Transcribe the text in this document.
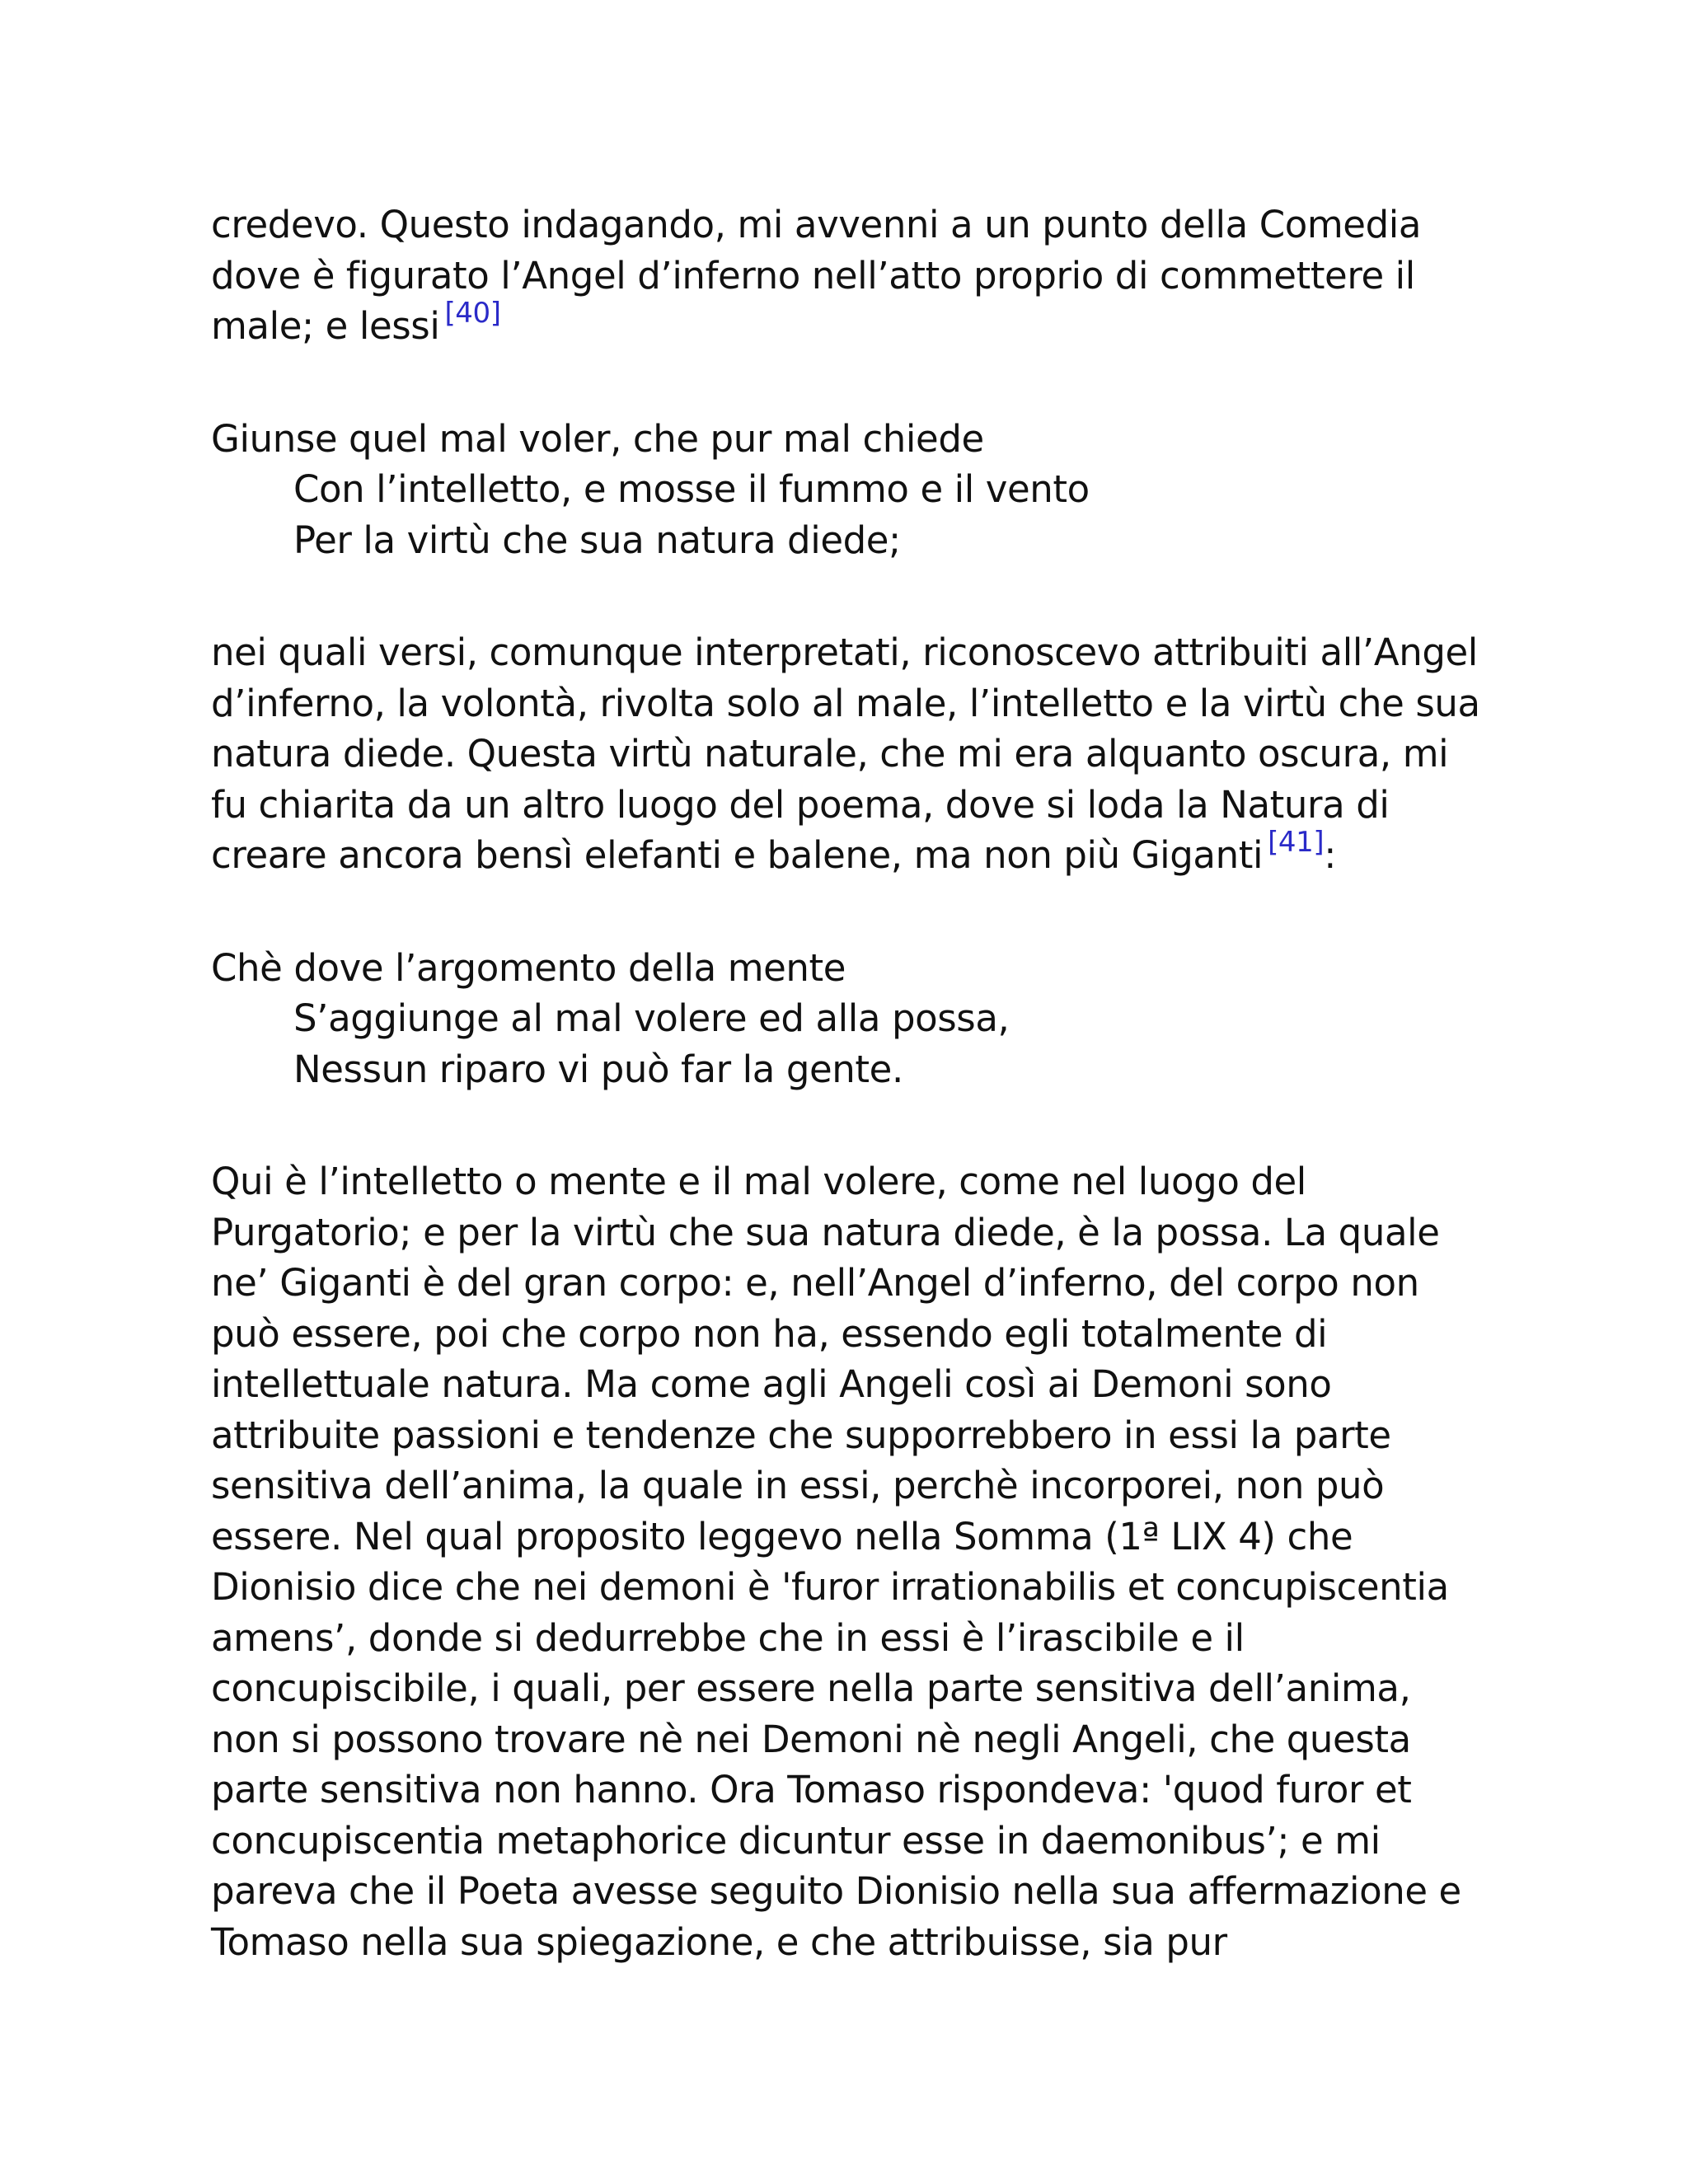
credevo. Questo indagando, mi avvenni a un punto della Comedia
dove è figurato l’Angel d’inferno nell’atto proprio di commettere il
male; e lessi [40]

Giunse quel mal voler, che pur mal chiede
Con l’intelletto, e mosse il fummo e il vento
Per la virtù che sua natura diede;

nei quali versi, comunque interpretati, riconoscevo attribuiti all’Angel
d’inferno, la volontà, rivolta solo al male, l’intelletto e la virtù che sua
natura diede. Questa virtù naturale, che mi era alquanto oscura, mi
fu chiarita da un altro luogo del poema, dove si loda la Natura di
creare ancora bensì elefanti e balene, ma non più Giganti [41]:

Chè dove l’argomento della mente
S’aggiunge al mal volere ed alla possa,
Nessun riparo vi può far la gente.

Qui è l’intelletto o mente e il mal volere, come nel luogo del
Purgatorio; e per la virtù che sua natura diede, è la possa. La quale
ne’ Giganti è del gran corpo: e, nell’Angel d’inferno, del corpo non
può essere, poi che corpo non ha, essendo egli totalmente di
intellettuale natura. Ma come agli Angeli così ai Demoni sono
attribuite passioni e tendenze che supporrebbero in essi la parte
sensitiva dell’anima, la quale in essi, perchè incorporei, non può
essere. Nel qual proposito leggevo nella Somma (1ª LIX 4) che
Dionisio dice che nei demoni è 'furor irrationabilis et concupiscentia
amens’, donde si dedurrebbe che in essi è l’irascibile e il
concupiscibile, i quali, per essere nella parte sensitiva dell’anima,
non si possono trovare nè nei Demoni nè negli Angeli, che questa
parte sensitiva non hanno. Ora Tomaso rispondeva: 'quod furor et
concupiscentia metaphorice dicuntur esse in daemonibus’; e mi
pareva che il Poeta avesse seguito Dionisio nella sua affermazione e
Tomaso nella sua spiegazione, e che attribuisse, sia pur
